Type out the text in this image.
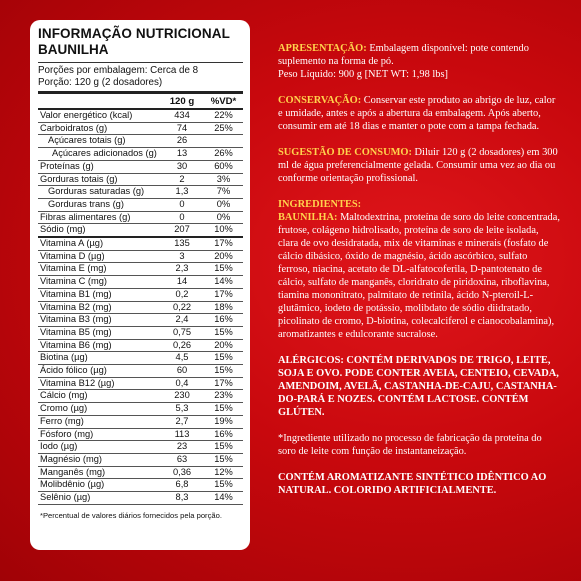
INFORMAÇÃO NUTRICIONAL
BAUNILHA
Porções por embalagem: Cerca de 8
Porção: 120 g (2 dosadores)
	120 g	%VD*
Valor energético (kcal)	434	22%
Carboidratos (g)	74	25%
Açúcares totais (g)	26	
Açúcares adicionados (g)	13	26%
Proteínas (g)	30	60%
Gorduras totais (g)	2	3%
Gorduras saturadas (g)	1,3	7%
Gorduras trans (g)	0	0%
Fibras alimentares (g)	0	0%
Sódio (mg)	207	10%
Vitamina A (µg)	135	17%
Vitamina D (µg)	3	20%
Vitamina E (mg)	2,3	15%
Vitamina C (mg)	14	14%
Vitamina B1 (mg)	0,2	17%
Vitamina B2 (mg)	0,22	18%
Vitamina B3 (mg)	2,4	16%
Vitamina B5 (mg)	0,75	15%
Vitamina B6 (mg)	0,26	20%
Biotina (µg)	4,5	15%
Ácido fólico (µg)	60	15%
Vitamina B12 (µg)	0,4	17%
Cálcio (mg)	230	23%
Cromo (µg)	5,3	15%
Ferro (mg)	2,7	19%
Fósforo (mg)	113	16%
Iodo (µg)	23	15%
Magnésio (mg)	63	15%
Manganês (mg)	0,36	12%
Molibdênio (µg)	6,8	15%
Selênio (µg)	8,3	14%
*Percentual de valores diários fornecidos pela porção.

APRESENTAÇÃO: Embalagem disponível: pote contendo suplemento na forma de pó.
Peso Líquido: 900 g [NET WT: 1,98 lbs]

CONSERVAÇÃO: Conservar este produto ao abrigo de luz, calor e umidade, antes e após a abertura da embalagem. Após aberto, consumir em até 18 dias e manter o pote com a tampa fechada.

SUGESTÃO DE CONSUMO: Diluir 120 g (2 dosadores) em 300 ml de água preferencialmente gelada. Consumir uma vez ao dia ou conforme orientação profissional.

INGREDIENTES:
BAUNILHA: Maltodextrina, proteína de soro do leite concentrada, frutose, colágeno hidrolisado, proteína de soro de leite isolada, clara de ovo desidratada, mix de vitaminas e minerais (fosfato de cálcio dibásico, óxido de magnésio, ácido ascórbico, sulfato ferroso, niacina, acetato de DL-alfatocoferila, D-pantotenato de cálcio, sulfato de manganês, cloridrato de piridoxina, riboflavina, tiamina mononitrato, palmitato de retinila, ácido N-pteroil-L-glutâmico, iodeto de potássio, molibdato de sódio diidratado, picolinato de cromo, D-biotina, colecalciferol e cianocobalamina), aromatizantes e edulcorante sucralose.

ALÉRGICOS: CONTÉM DERIVADOS DE TRIGO, LEITE, SOJA E OVO. PODE CONTER AVEIA, CENTEIO, CEVADA, AMENDOIM, AVELÃ, CASTANHA-DE-CAJU, CASTANHA-DO-PARÁ E NOZES. CONTÉM LACTOSE. CONTÉM GLÚTEN.

*Ingrediente utilizado no processo de fabricação da proteína do soro de leite com função de instantaneização.

CONTÉM AROMATIZANTE SINTÉTICO IDÊNTICO AO NATURAL. COLORIDO ARTIFICIALMENTE.
